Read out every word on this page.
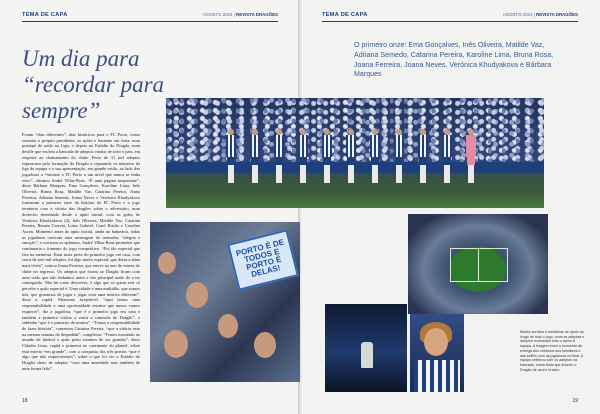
TEMA DE CAPA	AGOSTO 2024 | REVISTA DRAGÕES
Um dia para “recordar para sempre”

Foram “dias diferentes”, dias históricos para o FC Porto, como resumiu o próprio presidente, as ações e bastante em festa, num pontapé de saída na Liga, e depois no Estádio do Dragão, num desfile que encheu a bancada de adeptos vindos de todo o país, em resposta ao chamamento do clube. Perto de 31 mil adeptos esperavam pela formação do Dragão e reparando os números da liga da equipa e a sua apresentação, em grande estilo, ao lado das jogadoras a “mostrar o FC Porto a um nível que nunca se tinha visto”, afirmou André Villas-Boas. “É uma página importante”, disse Bárbara Marques, Ema Gonçalves, Karoline Lima, Inês Oliveira, Bruna Rosa, Matilde Vaz, Catarina Pereira, Joana Ferreira, Adriana Semedo, Joana Neves e Verónica Khudyakova formaram o primeiro onze da história do FC Porto e o jogo terminou com a vitória das dragões sobre o adversário, num desfecho desenhado desde o apito inicial, com os golos de Verónica Khudyakova (2), Inês Oliveira, Matilde Vaz, Catarina Pereira, Renata Correia, Luísa Gabriel, Carol Brisão e Carolina Ascen. Momento antes do apito inicial, ainda no balneário, todas as jogadoras ouviram uma mensagem do treinador, “alegria e emoção”, e ouviram os aplausos, André Villas-Boas prometeu que continuaria o fomento do jogo competitivo. “Foi tão especial que fica na memória. Estar mais perto do primeiro jogo em casa, com cerca de sete mil adeptos, foi algo muito especial, que deixa a alma mais cheia”, contou Joana Ferreira, que esteve no ano de estreia do clube no regresso. Os adeptos que foram ao Dragão ficam com uma visão que não tínhamos antes e são principal razão de a ter conseguido. Não há como descrever, é algo que só quem está cá percebe o quão especial é. Uma cidade e uma multidão, que somos nós, que gostamos de jogar e jogar com uma mística diferente”, disse a capitã. Momento irrepetível, “aqui temos uma responsabilidade e uma oportunidade enorme que nunca vamos esquecer”, diz a jogadora, “que é o primeiro jogo em casa e também a primeira vitória a vestir a camisola do Dragão”, e sublinha “que é o primeiro de muitos”. “Temos a responsabilidade de fazer história”, comentou Catarina Pereira, “que a vitória veio na mesma semana da despedida”, completou. “Temos mostrado ao mundo de futebol o quão perto estamos de ser grandes”, disse Cláudia Lima, capitã e primeira no continente do plantel, sobre esta estreia “em grande”, com a conquista dos três pontos “que é algo que não esqueceremos”, sobre o que foi ver o Estádio do Dragão cheio de adeptos “com uma ansiedade mas também de uma forma feliz”.

18
TEMA DE CAPA	AGOSTO 2024 | REVISTA DRAGÕES

O primeiro onze: Ema Gonçalves, Inês Oliveira, Matilde Vaz, Adriana Semedo, Catarina Pereira, Karoline Lima, Bruna Rosa, Joana Ferreira, Joana Neves, Verónica Khudyakova e Bárbara Marques

Muitos sorrisos e bandeiras de apoio ao longo de todo o jogo, onde as adeptas e adeptos mostraram todo o apoio à equipa. A imagem inclui o momento da entrega dos símbolos aos familiares e das selfies com as jogadoras no final. A equipa celebrou com os adeptos na bancada, numa festa que encheu o Dragão de azul e branco.

19
PORTO É DE TODOS E PORTO É DELAS!
